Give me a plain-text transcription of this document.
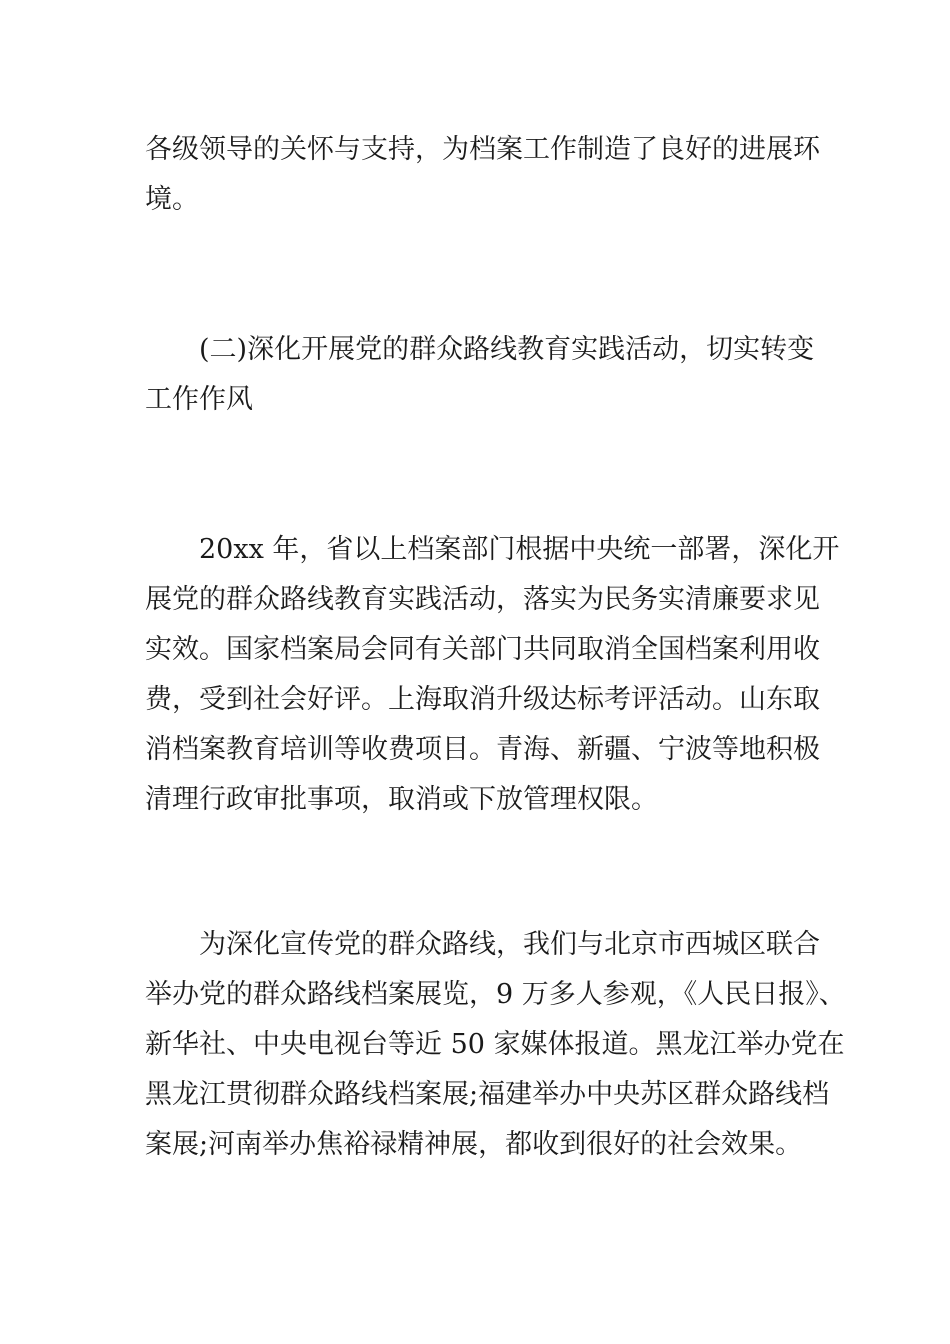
各级领导的关怀与支持，为档案工作制造了良好的进展环
境。
(二)深化开展党的群众路线教育实践活动，切实转变
工作作风
20xx 年，省以上档案部门根据中央统一部署，深化开
展党的群众路线教育实践活动，落实为民务实清廉要求见
实效。国家档案局会同有关部门共同取消全国档案利用收
费，受到社会好评。上海取消升级达标考评活动。山东取
消档案教育培训等收费项目。青海、新疆、宁波等地积极
清理行政审批事项，取消或下放管理权限。
为深化宣传党的群众路线，我们与北京市西城区联合
举办党的群众路线档案展览，9 万多人参观，《人民日报》、
新华社、中央电视台等近 50 家媒体报道。黑龙江举办党在
黑龙江贯彻群众路线档案展;福建举办中央苏区群众路线档
案展;河南举办焦裕禄精神展，都收到很好的社会效果。
